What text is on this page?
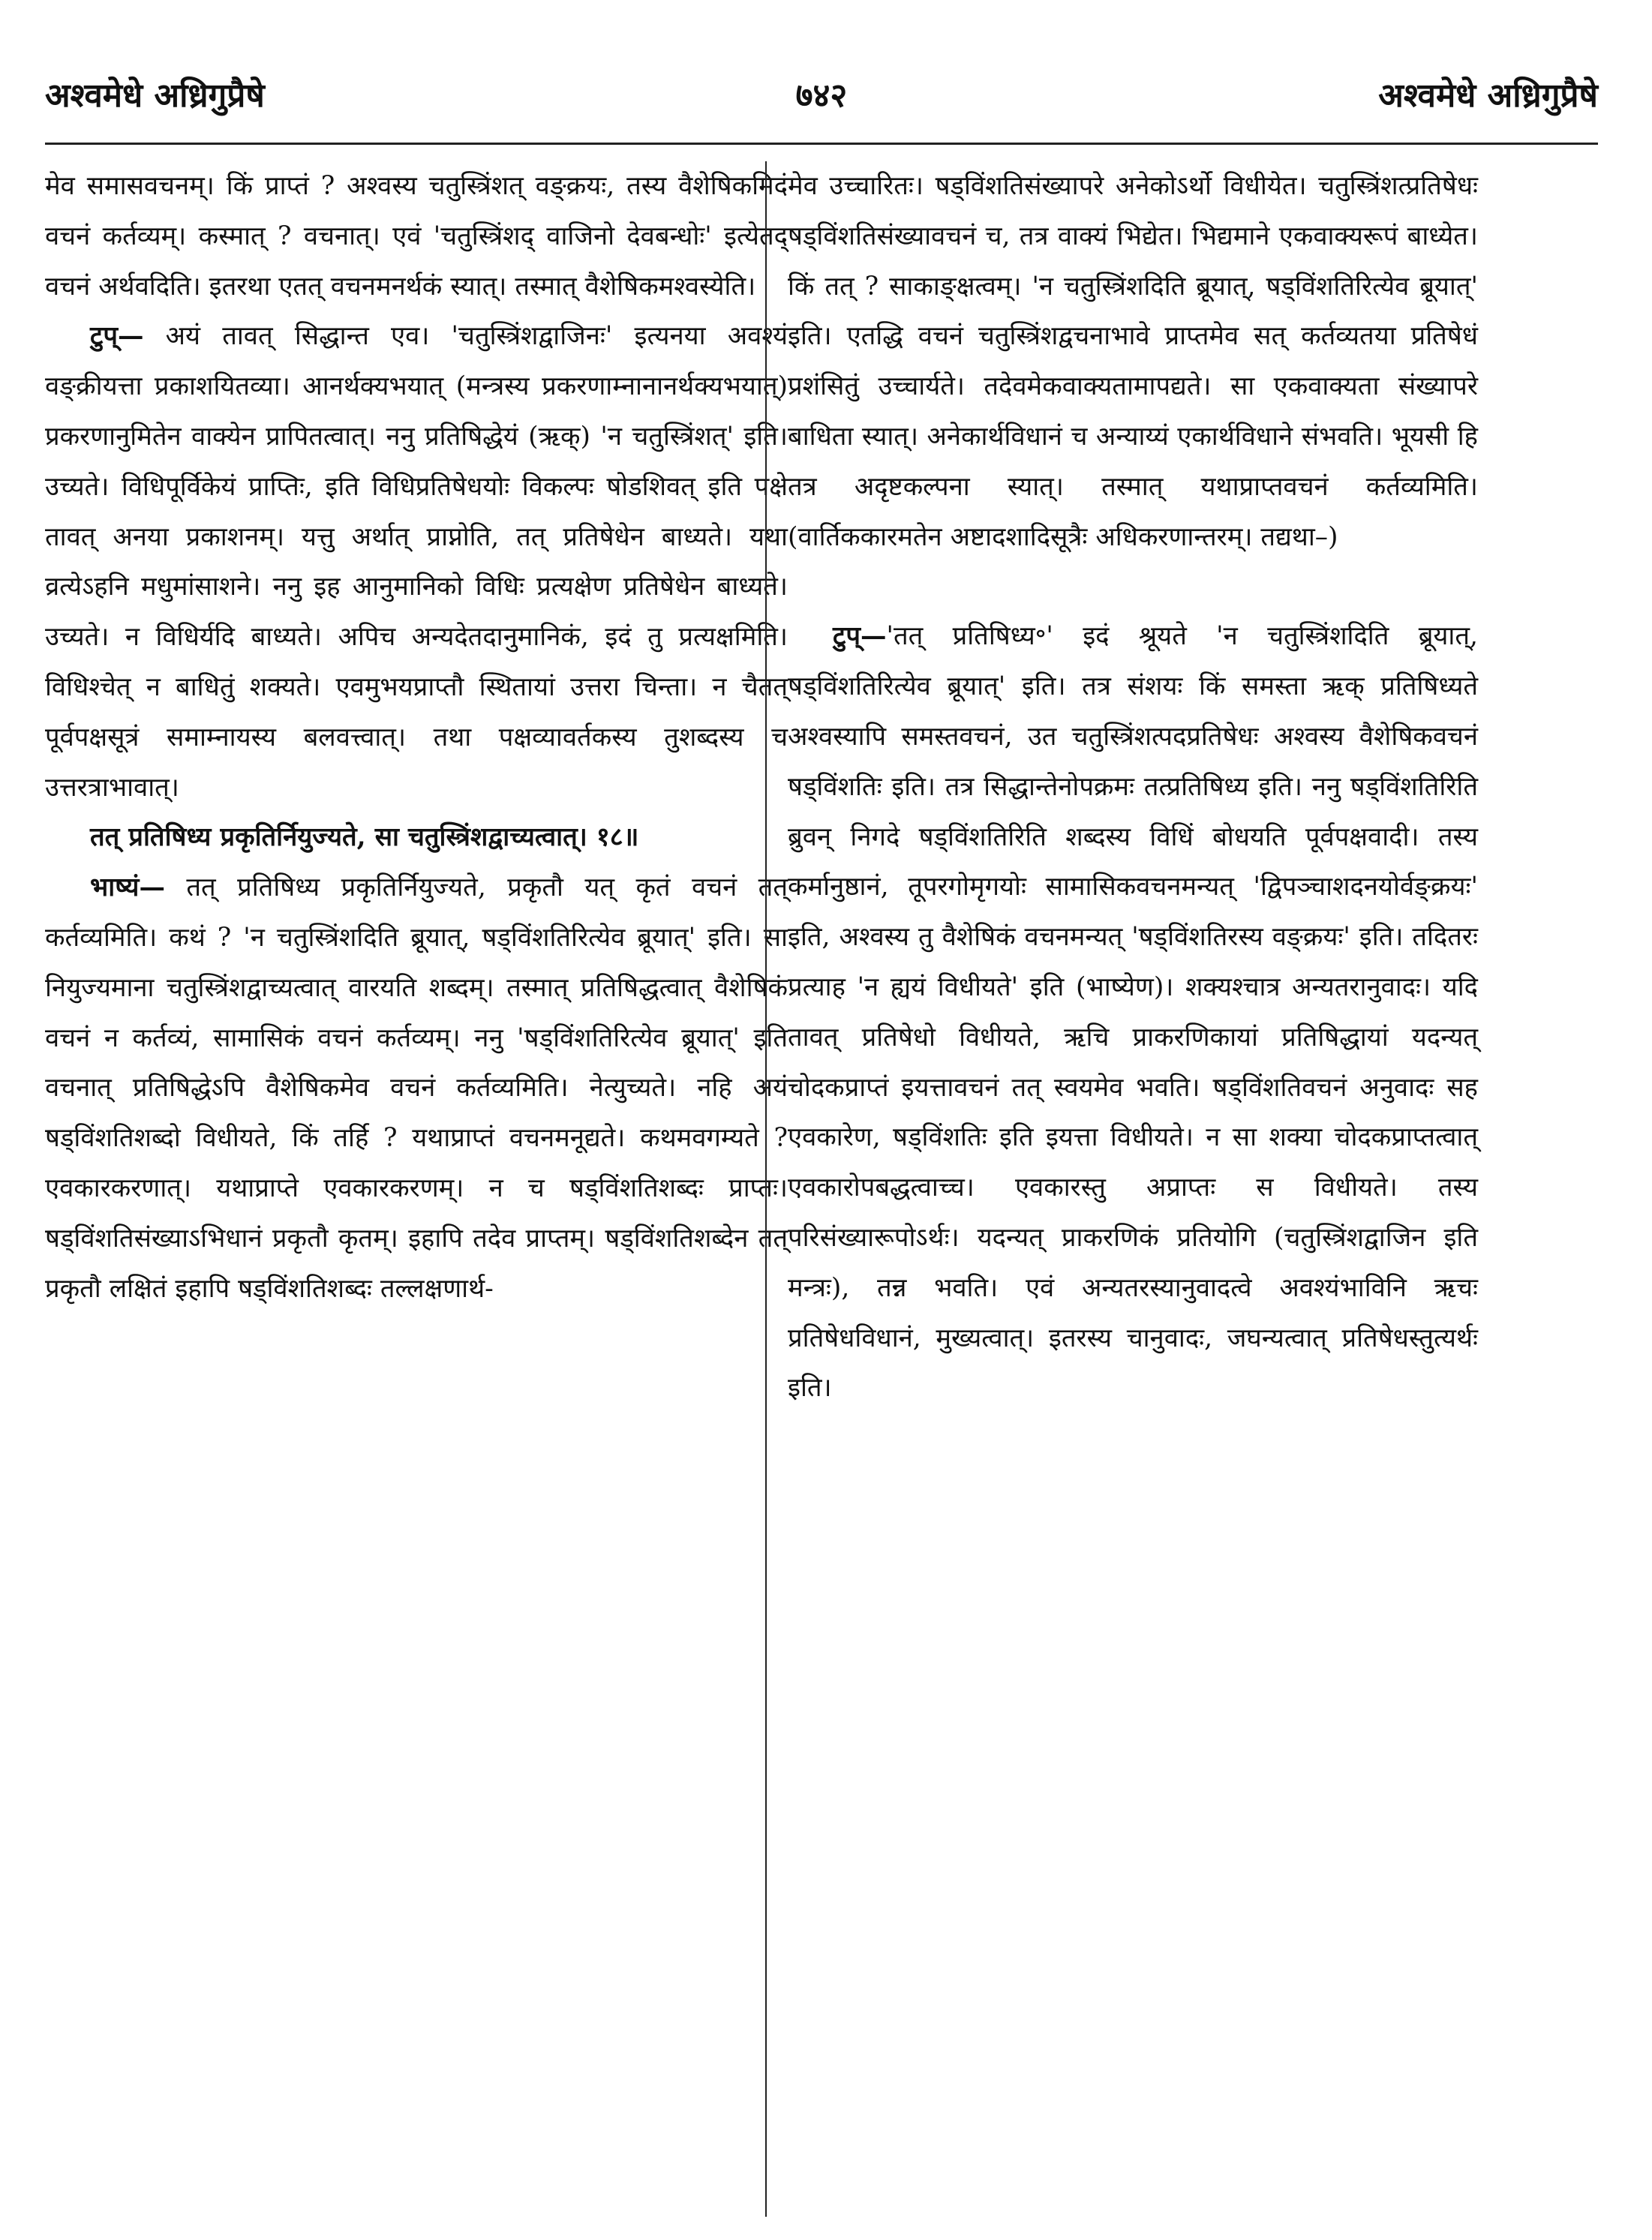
अश्वमेधे अध्रिगुप्रैषे	७४२	अश्वमेधे अध्रिगुप्रैषे

मेव समासवचनम्। किं प्राप्तं ? अश्वस्य चतुस्त्रिंशत् वङ्क्रयः, तस्य वैशेषिकमिदं वचनं कर्तव्यम्। कस्मात् ? वचनात्। एवं 'चतुस्त्रिंशद् वाजिनो देवबन्धोः' इत्येतद् वचनं अर्थवदिति। इतरथा एतत् वचनमनर्थकं स्यात्। तस्मात् वैशेषिकमश्वस्येति।

टुप्— अयं तावत् सिद्धान्त एव। 'चतुस्त्रिंशद्वाजिनः' इत्यनया अवश्यं वङ्क्रीयत्ता प्रकाशयितव्या। आनर्थक्यभयात् (मन्त्रस्य प्रकरणाम्नानानर्थक्यभयात्) प्रकरणानुमितेन वाक्येन प्रापितत्वात्। ननु प्रतिषिद्धेयं (ऋक्) 'न चतुस्त्रिंशत्' इति। उच्यते। विधिपूर्विकेयं प्राप्तिः, इति विधिप्रतिषेधयोः विकल्पः षोडशिवत् इति पक्षे तावत् अनया प्रकाशनम्। यत्तु अर्थात् प्राप्नोति, तत् प्रतिषेधेन बाध्यते। यथा व्रत्येऽहनि मधुमांसाशने। ननु इह आनुमानिको विधिः प्रत्यक्षेण प्रतिषेधेन बाध्यते। उच्यते। न विधिर्यदि बाध्यते। अपिच अन्यदेतदानुमानिकं, इदं तु प्रत्यक्षमिति। विधिश्चेत् न बाधितुं शक्यते। एवमुभयप्राप्तौ स्थितायां उत्तरा चिन्ता। न चैतत् पूर्वपक्षसूत्रं समाम्नायस्य बलवत्त्वात्। तथा पक्षव्यावर्तकस्य तुशब्दस्य च उत्तरत्राभावात्।

तत् प्रतिषिध्य प्रकृतिर्नियुज्यते, सा चतुस्त्रिंशद्वाच्यत्वात्। १८॥

भाष्यं— तत् प्रतिषिध्य प्रकृतिर्नियुज्यते, प्रकृतौ यत् कृतं वचनं तत् कर्तव्यमिति। कथं ? 'न चतुस्त्रिंशदिति ब्रूयात्, षड्विंशतिरित्येव ब्रूयात्' इति। सा नियुज्यमाना चतुस्त्रिंशद्वाच्यत्वात् वारयति शब्दम्। तस्मात् प्रतिषिद्धत्वात् वैशेषिकं वचनं न कर्तव्यं, सामासिकं वचनं कर्तव्यम्। ननु 'षड्विंशतिरित्येव ब्रूयात्' इति वचनात् प्रतिषिद्धेऽपि वैशेषिकमेव वचनं कर्तव्यमिति। नेत्युच्यते। नहि अयं षड्विंशतिशब्दो विधीयते, किं तर्हि ? यथाप्राप्तं वचनमनूद्यते। कथमवगम्यते ? एवकारकरणात्। यथाप्राप्ते एवकारकरणम्। न च षड्विंशतिशब्दः प्राप्तः। षड्विंशतिसंख्याऽभिधानं प्रकृतौ कृतम्। इहापि तदेव प्राप्तम्। षड्विंशतिशब्देन तत् प्रकृतौ लक्षितं इहापि षड्विंशतिशब्दः तल्लक्षणार्थ-

मेव उच्चारितः। षड्विंशतिसंख्यापरे अनेकोऽर्थो विधीयेत। चतुस्त्रिंशत्प्रतिषेधः षड्विंशतिसंख्यावचनं च, तत्र वाक्यं भिद्येत। भिद्यमाने एकवाक्यरूपं बाध्येत। किं तत् ? साकाङ्क्षत्वम्। 'न चतुस्त्रिंशदिति ब्रूयात्, षड्विंशतिरित्येव ब्रूयात्' इति। एतद्धि वचनं चतुस्त्रिंशद्वचनाभावे प्राप्तमेव सत् कर्तव्यतया प्रतिषेधं प्रशंसितुं उच्चार्यते। तदेवमेकवाक्यतामापद्यते। सा एकवाक्यता संख्यापरे बाधिता स्यात्। अनेकार्थविधानं च अन्याय्यं एकार्थविधाने संभवति। भूयसी हि तत्र अदृष्टकल्पना स्यात्। तस्मात् यथाप्राप्तवचनं कर्तव्यमिति। (वार्तिककारमतेन अष्टादशादिसूत्रैः अधिकरणान्तरम्। तद्यथा–)

टुप्—'तत् प्रतिषिध्य॰' इदं श्रूयते 'न चतुस्त्रिंशदिति ब्रूयात्, षड्विंशतिरित्येव ब्रूयात्' इति। तत्र संशयः किं समस्ता ऋक् प्रतिषिध्यते अश्वस्यापि समस्तवचनं, उत चतुस्त्रिंशत्पदप्रतिषेधः अश्वस्य वैशेषिकवचनं षड्विंशतिः इति। तत्र सिद्धान्तेनोपक्रमः तत्प्रतिषिध्य इति। ननु षड्विंशतिरिति ब्रुवन् निगदे षड्विंशतिरिति शब्दस्य विधिं बोधयति पूर्वपक्षवादी। तस्य कर्मानुष्ठानं, तूपरगोमृगयोः सामासिकवचनमन्यत् 'द्विपञ्चाशदनयोर्वङ्क्रयः' इति, अश्वस्य तु वैशेषिकं वचनमन्यत् 'षड्विंशतिरस्य वङ्क्रयः' इति। तदितरः प्रत्याह 'न ह्ययं विधीयते' इति (भाष्येण)। शक्यश्चात्र अन्यतरानुवादः। यदि तावत् प्रतिषेधो विधीयते, ऋचि प्राकरणिकायां प्रतिषिद्धायां यदन्यत् चोदकप्राप्तं इयत्तावचनं तत् स्वयमेव भवति। षड्विंशतिवचनं अनुवादः सह एवकारेण, षड्विंशतिः इति इयत्ता विधीयते। न सा शक्या चोदकप्राप्तत्वात् एवकारोपबद्धत्वाच्च। एवकारस्तु अप्राप्तः स विधीयते। तस्य परिसंख्यारूपोऽर्थः। यदन्यत् प्राकरणिकं प्रतियोगि (चतुस्त्रिंशद्वाजिन इति मन्त्रः), तन्न भवति। एवं अन्यतरस्यानुवादत्वे अवश्यंभाविनि ऋचः प्रतिषेधविधानं, मुख्यत्वात्। इतरस्य चानुवादः, जघन्यत्वात् प्रतिषेधस्तुत्यर्थः इति।
